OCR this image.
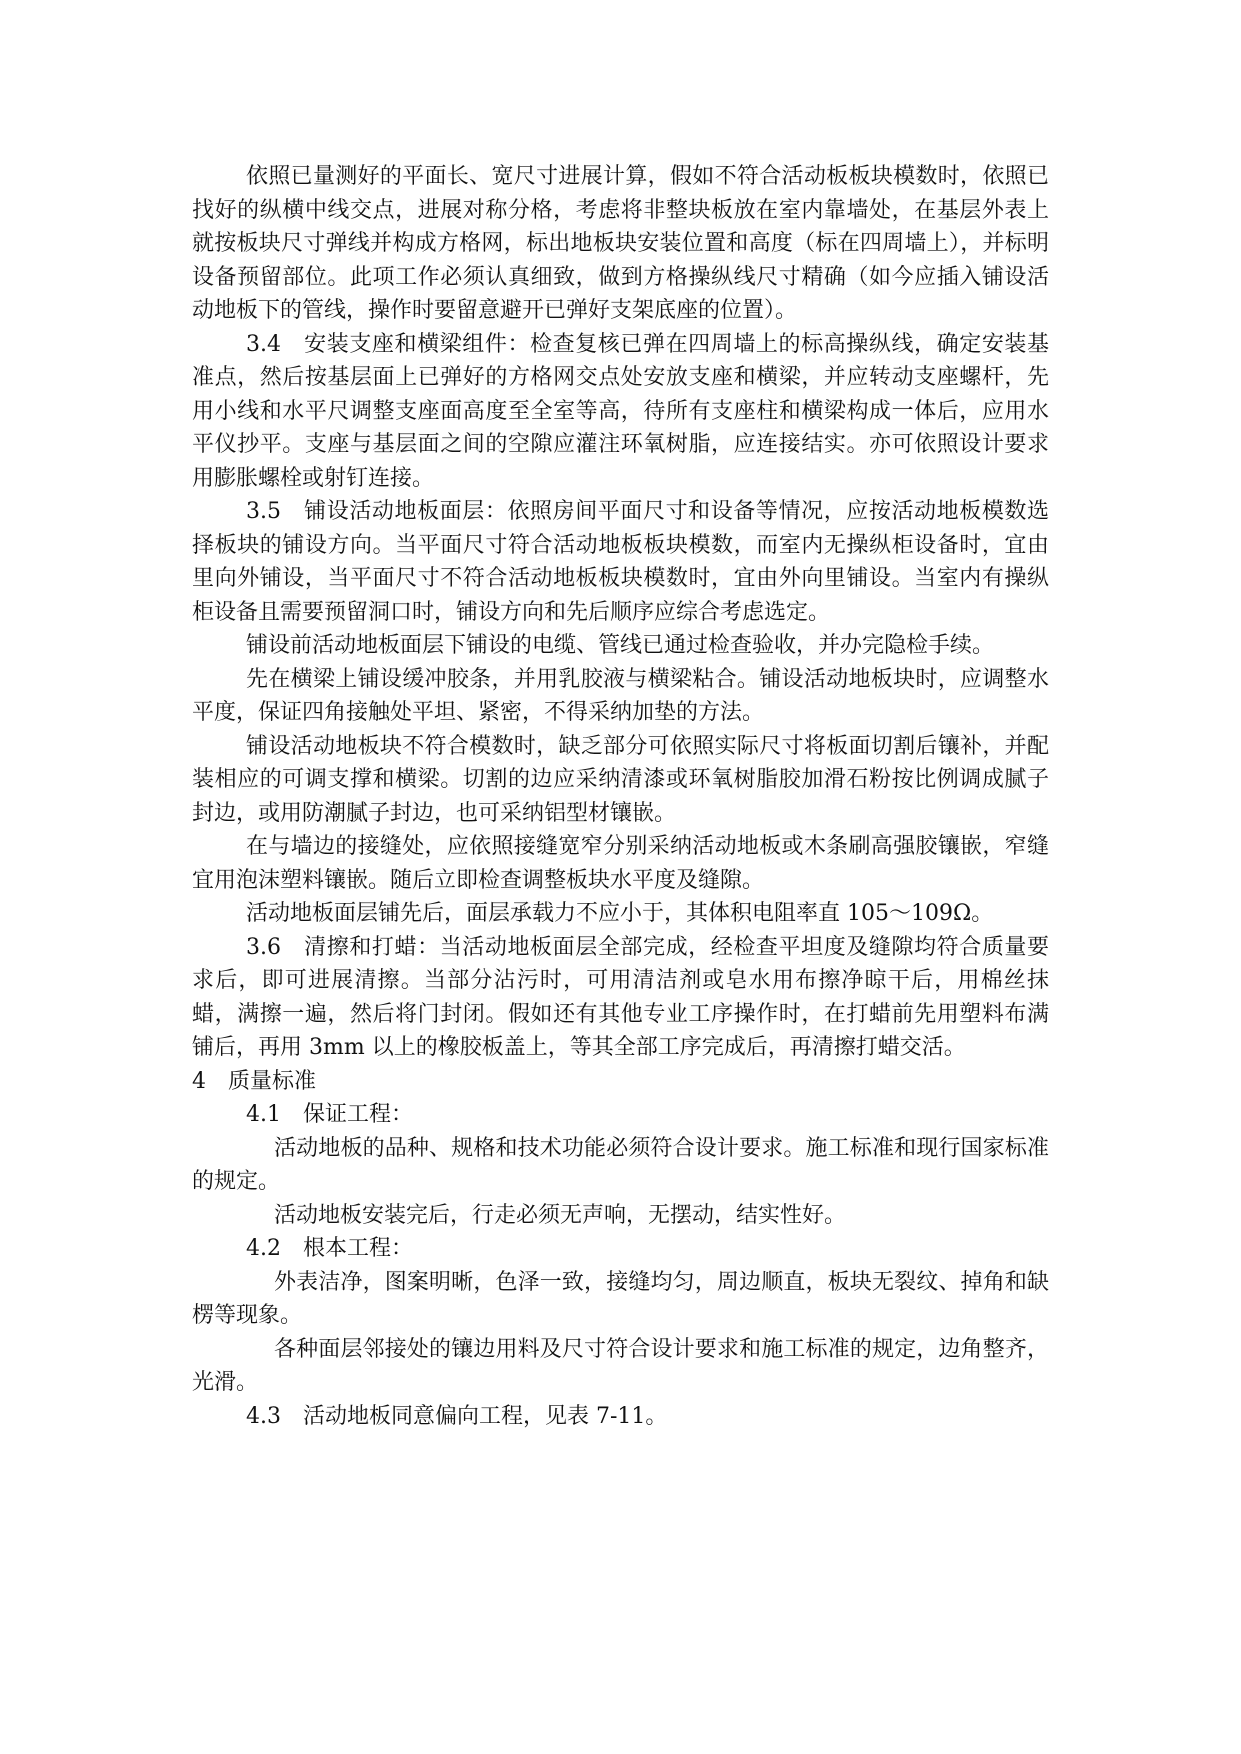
依照已量测好的平面长、宽尺寸进展计算，假如不符合活动板板块模数时，依照已找好的纵横中线交点，进展对称分格，考虑将非整块板放在室内靠墙处，在基层外表上就按板块尺寸弹线并构成方格网，标出地板块安装位置和高度（标在四周墙上），并标明设备预留部位。此项工作必须认真细致，做到方格操纵线尺寸精确（如今应插入铺设活动地板下的管线，操作时要留意避开已弹好支架底座的位置）。

3.4　安装支座和横梁组件：检查复核已弹在四周墙上的标高操纵线，确定安装基准点，然后按基层面上已弹好的方格网交点处安放支座和横梁，并应转动支座螺杆，先用小线和水平尺调整支座面高度至全室等高，待所有支座柱和横梁构成一体后，应用水平仪抄平。支座与基层面之间的空隙应灌注环氧树脂，应连接结实。亦可依照设计要求用膨胀螺栓或射钉连接。

3.5　铺设活动地板面层：依照房间平面尺寸和设备等情况，应按活动地板模数选择板块的铺设方向。当平面尺寸符合活动地板板块模数，而室内无操纵柜设备时，宜由里向外铺设，当平面尺寸不符合活动地板板块模数时，宜由外向里铺设。当室内有操纵柜设备且需要预留洞口时，铺设方向和先后顺序应综合考虑选定。

铺设前活动地板面层下铺设的电缆、管线已通过检查验收，并办完隐检手续。

先在横梁上铺设缓冲胶条，并用乳胶液与横梁粘合。铺设活动地板块时，应调整水平度，保证四角接触处平坦、紧密，不得采纳加垫的方法。

铺设活动地板块不符合模数时，缺乏部分可依照实际尺寸将板面切割后镶补，并配装相应的可调支撑和横梁。切割的边应采纳清漆或环氧树脂胶加滑石粉按比例调成腻子封边，或用防潮腻子封边，也可采纳铝型材镶嵌。

在与墙边的接缝处，应依照接缝宽窄分别采纳活动地板或木条刷高强胶镶嵌，窄缝宜用泡沫塑料镶嵌。随后立即检查调整板块水平度及缝隙。

活动地板面层铺先后，面层承载力不应小于，其体积电阻率直 105～109Ω。

3.6　清擦和打蜡：当活动地板面层全部完成，经检查平坦度及缝隙均符合质量要求后，即可进展清擦。当部分沾污时，可用清洁剂或皂水用布擦净晾干后，用棉丝抹蜡，满擦一遍，然后将门封闭。假如还有其他专业工序操作时，在打蜡前先用塑料布满铺后，再用 3mm 以上的橡胶板盖上，等其全部工序完成后，再清擦打蜡交活。

4　质量标准

4.1　保证工程：

活动地板的品种、规格和技术功能必须符合设计要求。施工标准和现行国家标准的规定。

活动地板安装完后，行走必须无声响，无摆动，结实性好。

4.2　根本工程：

外表洁净，图案明晰，色泽一致，接缝均匀，周边顺直，板块无裂纹、掉角和缺楞等现象。

各种面层邻接处的镶边用料及尺寸符合设计要求和施工标准的规定，边角整齐，光滑。

4.3　活动地板同意偏向工程，见表 7-11。
